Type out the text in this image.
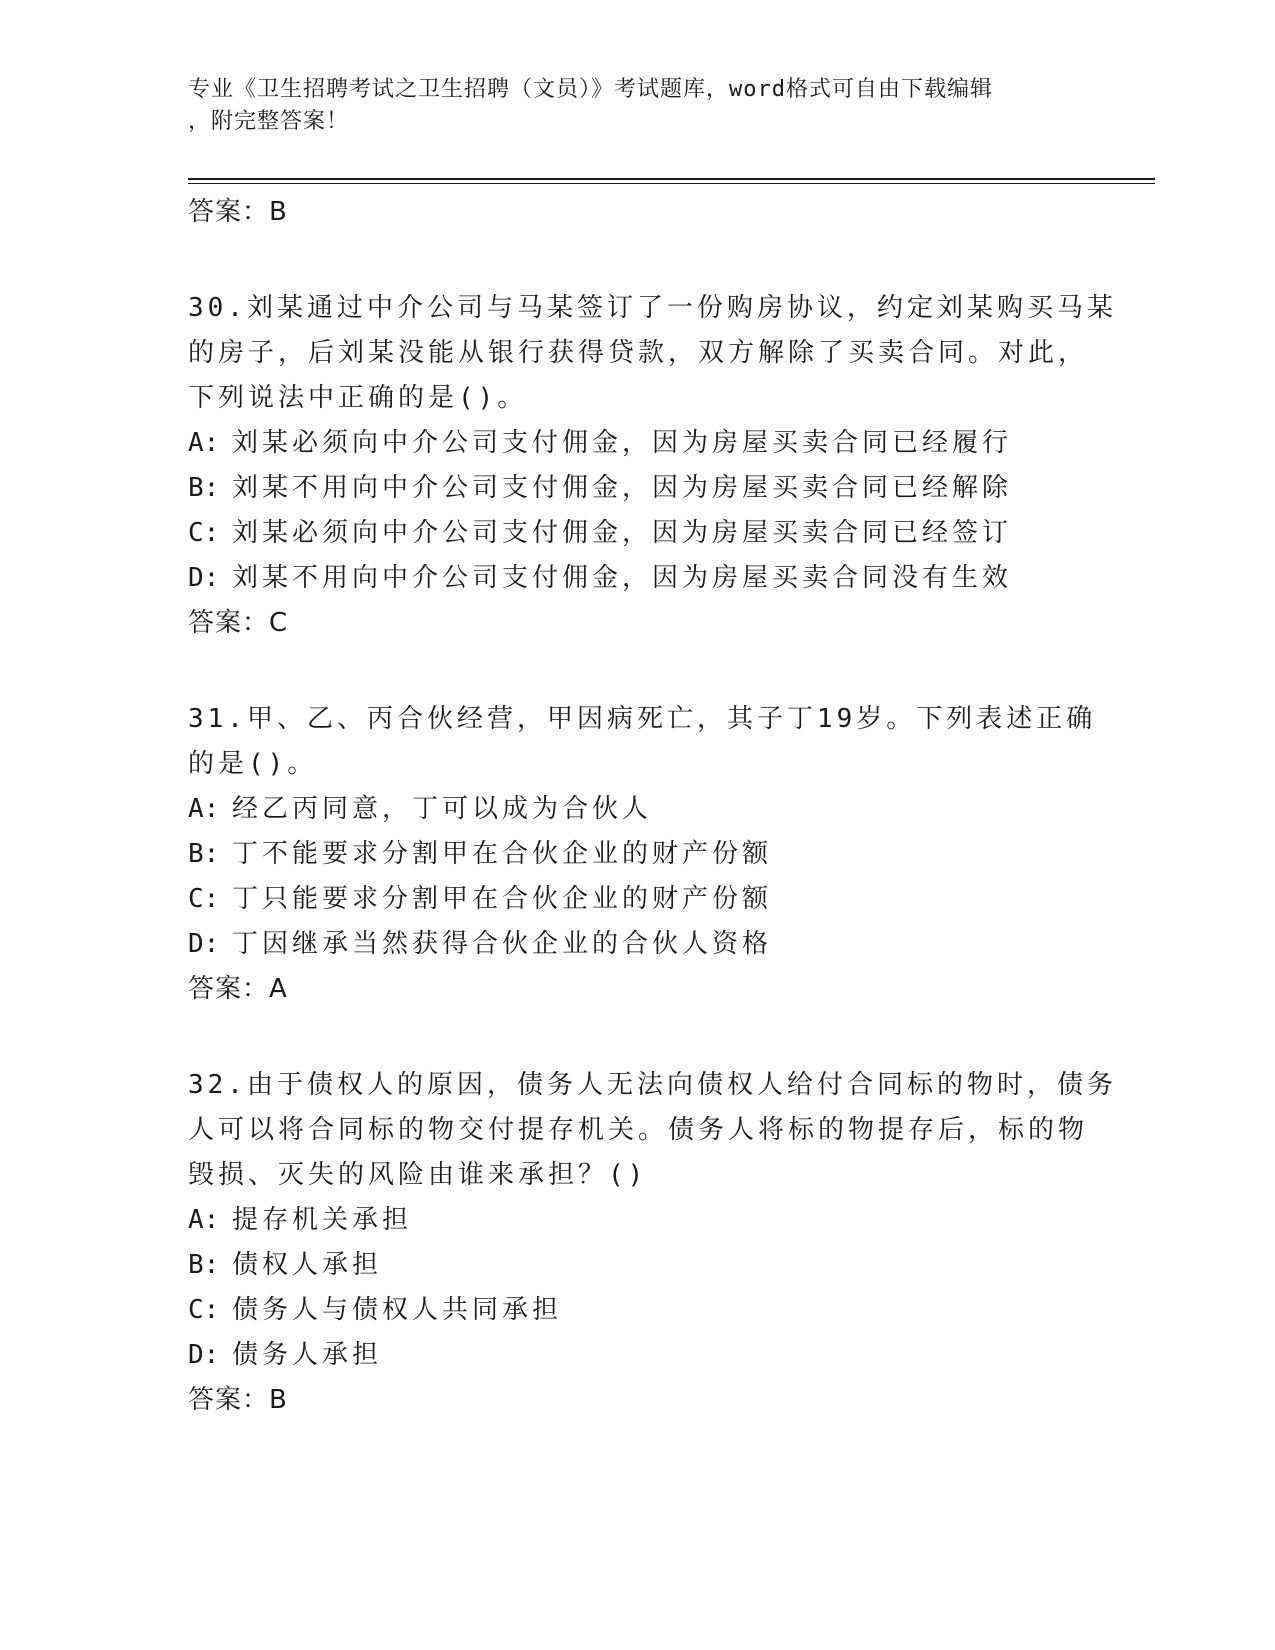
专业《卫生招聘考试之卫生招聘（文员）》考试题库，word格式可自由下载编辑
，附完整答案！
答案：B
30.刘某通过中介公司与马某签订了一份购房协议，约定刘某购买马某
的房子，后刘某没能从银行获得贷款，双方解除了买卖合同。对此，
下列说法中正确的是()。
A: 刘某必须向中介公司支付佣金，因为房屋买卖合同已经履行
B: 刘某不用向中介公司支付佣金，因为房屋买卖合同已经解除
C: 刘某必须向中介公司支付佣金，因为房屋买卖合同已经签订
D: 刘某不用向中介公司支付佣金，因为房屋买卖合同没有生效
答案：C
31.甲、乙、丙合伙经营，甲因病死亡，其子丁19岁。下列表述正确
的是()。
A: 经乙丙同意，丁可以成为合伙人
B: 丁不能要求分割甲在合伙企业的财产份额
C: 丁只能要求分割甲在合伙企业的财产份额
D: 丁因继承当然获得合伙企业的合伙人资格
答案：A
32.由于债权人的原因，债务人无法向债权人给付合同标的物时，债务
人可以将合同标的物交付提存机关。债务人将标的物提存后，标的物
毁损、灭失的风险由谁来承担？()
A: 提存机关承担
B: 债权人承担
C: 债务人与债权人共同承担
D: 债务人承担
答案：B
